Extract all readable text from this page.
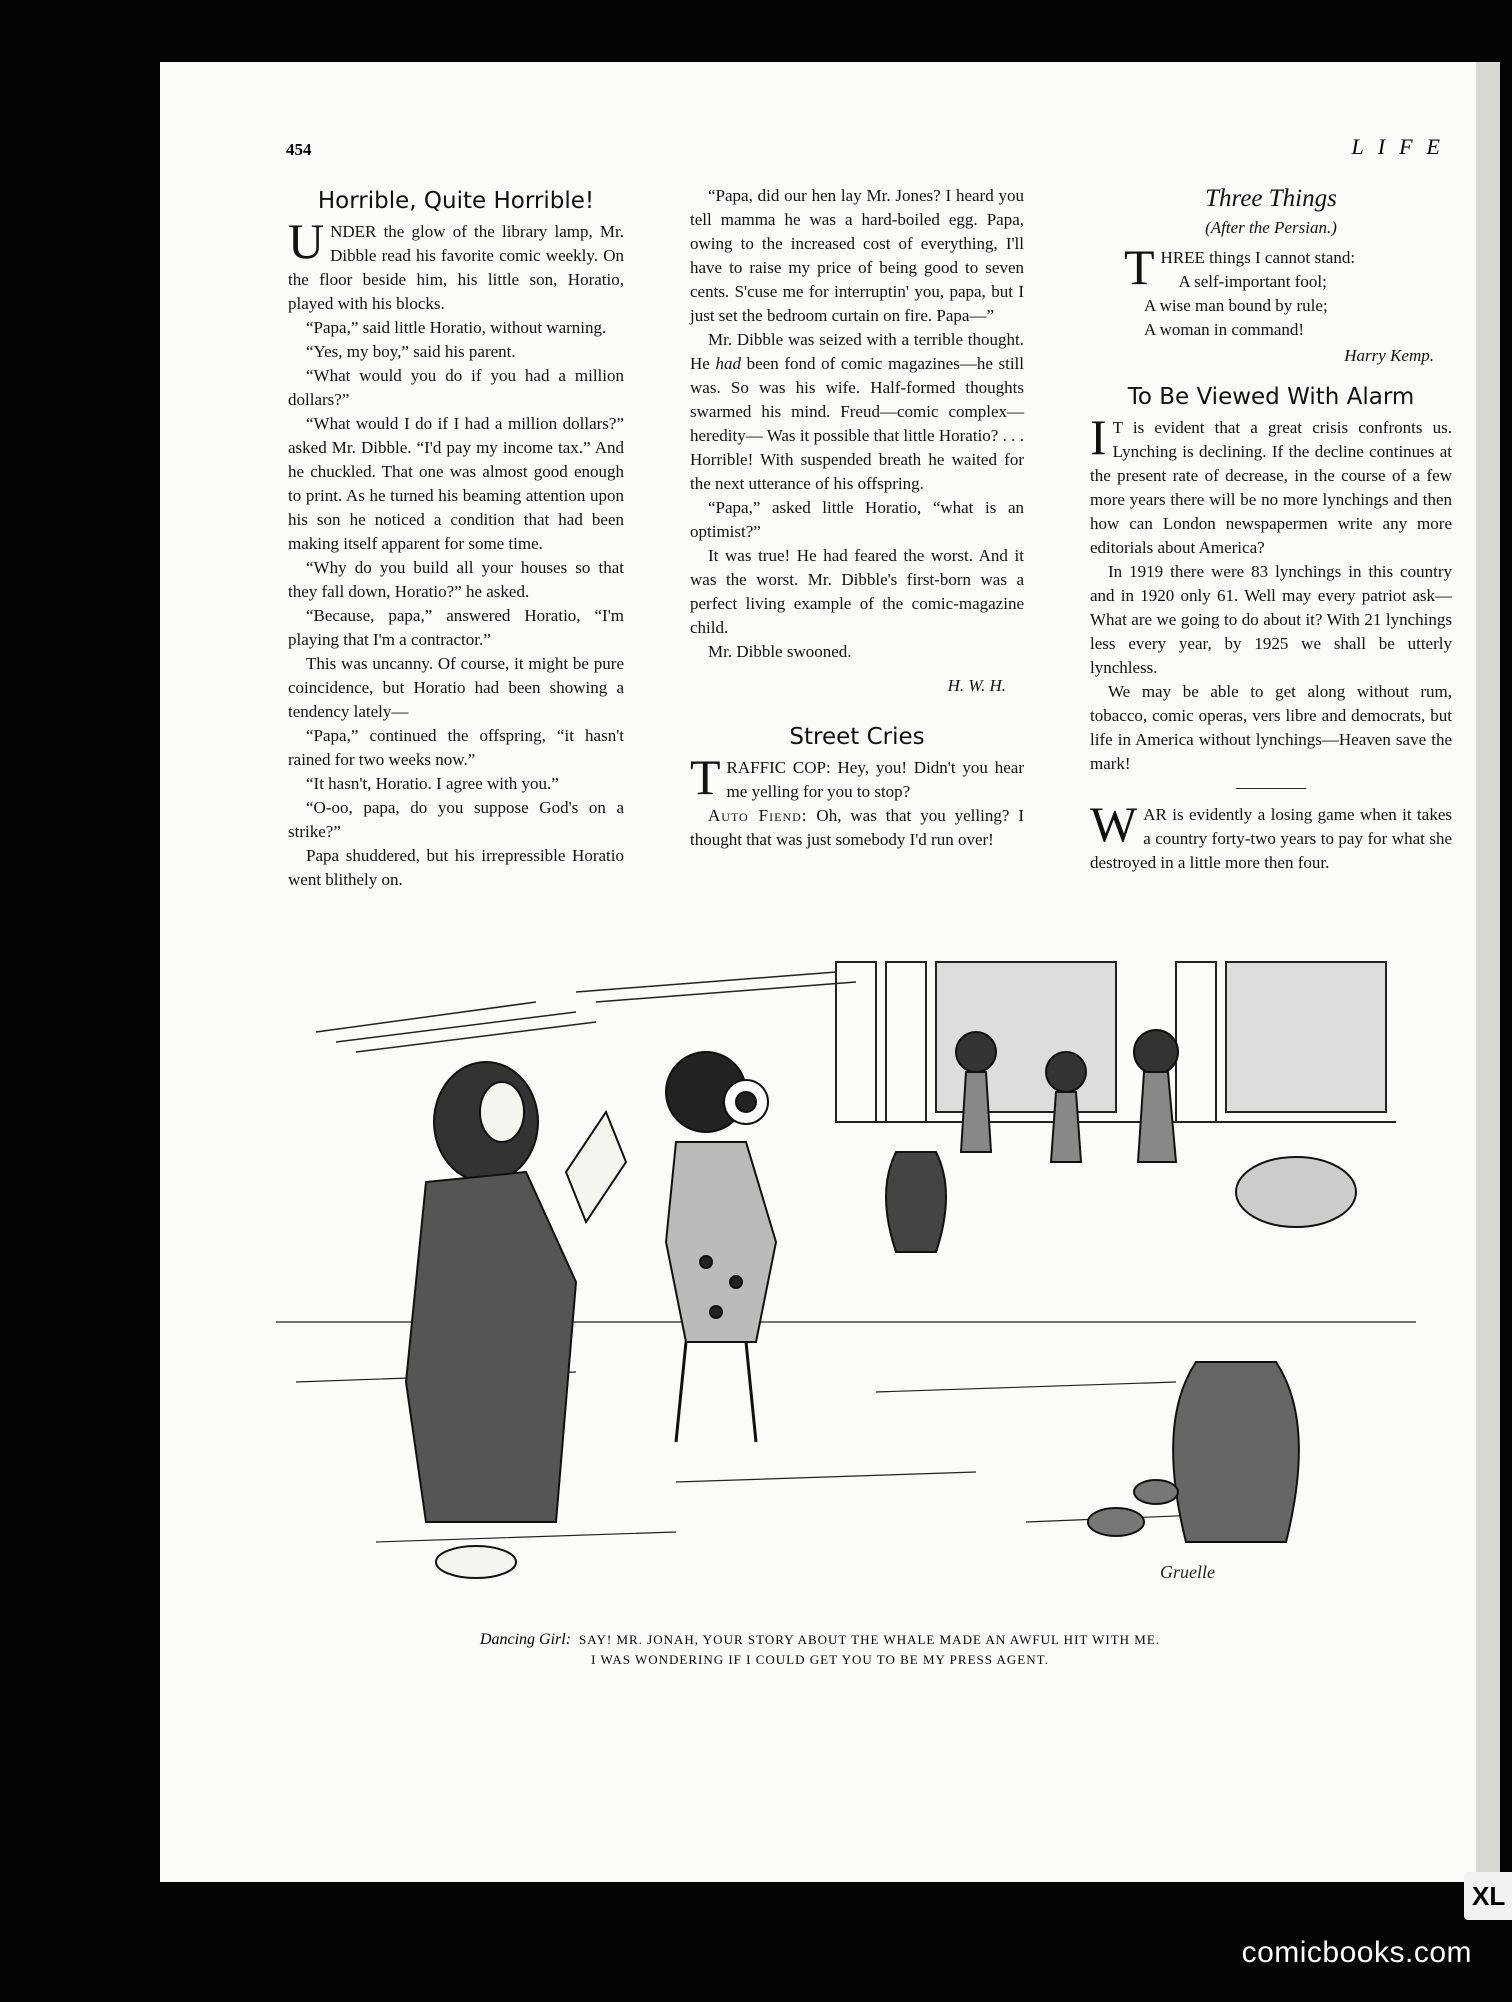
454	LIFE
Horrible, Quite Horrible!

UNDER the glow of the library lamp, Mr. Dibble read his favorite comic weekly. On the floor beside him, his little son, Horatio, played with his blocks.

“Papa,” said little Horatio, without warning.

“Yes, my boy,” said his parent.

“What would you do if you had a million dollars?”

“What would I do if I had a million dollars?” asked Mr. Dibble. “I'd pay my income tax.” And he chuckled. That one was almost good enough to print. As he turned his beaming attention upon his son he noticed a condition that had been making itself apparent for some time.

“Why do you build all your houses so that they fall down, Horatio?” he asked.

“Because, papa,” answered Horatio, “I'm playing that I'm a contractor.”

This was uncanny. Of course, it might be pure coincidence, but Horatio had been showing a tendency lately—

“Papa,” continued the offspring, “it hasn't rained for two weeks now.”

“It hasn't, Horatio. I agree with you.”

“O-oo, papa, do you suppose God's on a strike?”

Papa shuddered, but his irrepressible Horatio went blithely on.

“Papa, did our hen lay Mr. Jones? I heard you tell mamma he was a hard-boiled egg. Papa, owing to the increased cost of everything, I'll have to raise my price of being good to seven cents. S'cuse me for interruptin' you, papa, but I just set the bedroom curtain on fire. Papa—”

Mr. Dibble was seized with a terrible thought. He had been fond of comic magazines—he still was. So was his wife. Half-formed thoughts swarmed his mind. Freud—comic complex—heredity— Was it possible that little Horatio? . . . Horrible! With suspended breath he waited for the next utterance of his offspring.

“Papa,” asked little Horatio, “what is an optimist?”

It was true! He had feared the worst. And it was the worst. Mr. Dibble's first-born was a perfect living example of the comic-magazine child.

Mr. Dibble swooned.

H. W. H.
Street Cries

TRAFFIC COP: Hey, you! Didn't you hear me yelling for you to stop?

Auto Fiend: Oh, was that you yelling? I thought that was just somebody I'd run over!

Three Things
(After the Persian.)

THREE things I cannot stand:

A self-important fool;

A wise man bound by rule;

A woman in command!

Harry Kemp.
To Be Viewed With Alarm

I T is evident that a great crisis confronts us. Lynching is declining. If the decline continues at the present rate of decrease, in the course of a few more years there will be no more lynchings and then how can London newspapermen write any more editorials about America?

In 1919 there were 83 lynchings in this country and in 1920 only 61. Well may every patriot ask—What are we going to do about it? With 21 lynchings less every year, by 1925 we shall be utterly lynchless.

We may be able to get along without rum, tobacco, comic operas, vers libre and democrats, but life in America without lynchings—Heaven save the mark!

WAR is evidently a losing game when it takes a country forty-two years to pay for what she destroyed in a little more then four.

Gruelle
Dancing Girl: SAY! MR. JONAH, YOUR STORY ABOUT THE WHALE MADE AN AWFUL HIT WITH ME.
I WAS WONDERING IF I COULD GET YOU TO BE MY PRESS AGENT.
XL
comicbooks.com
